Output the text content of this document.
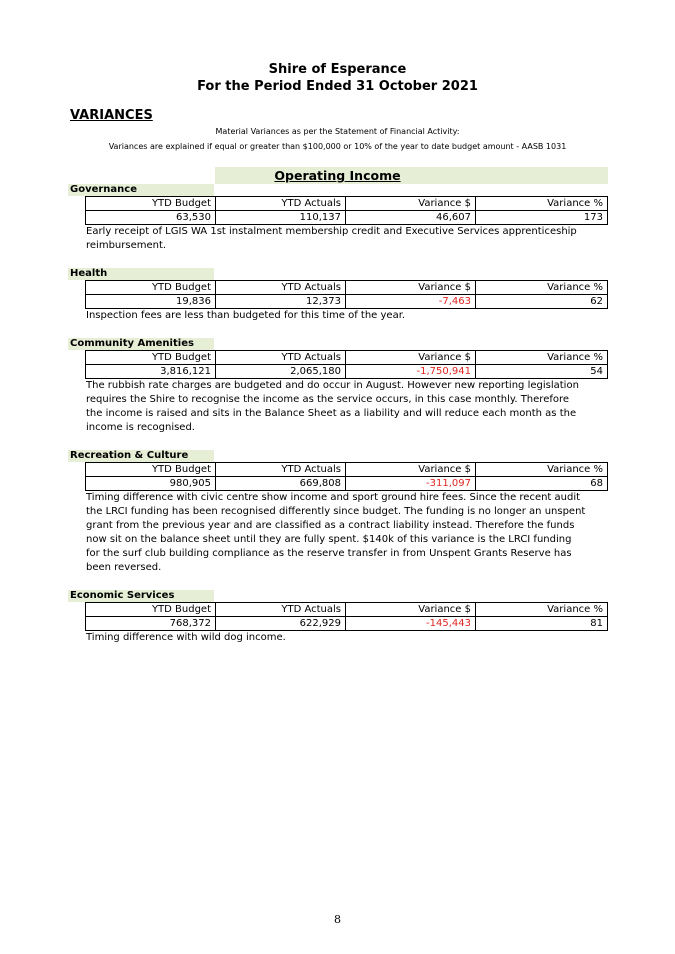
Shire of Esperance
For the Period Ended 31 October 2021
VARIANCES
Material Variances as per the Statement of Financial Activity:
Variances are explained if equal or greater than $100,000 or 10% of the year to date budget amount - AASB 1031
Operating Income
Governance
YTD Budget	YTD Actuals	Variance $	Variance %
63,530	110,137	46,607	173
Early receipt of LGIS WA 1st instalment membership credit and Executive Services apprenticeship reimbursement.
Health
YTD Budget	YTD Actuals	Variance $	Variance %
19,836	12,373	-7,463	62
Inspection fees are less than budgeted for this time of the year.
Community Amenities
YTD Budget	YTD Actuals	Variance $	Variance %
3,816,121	2,065,180	-1,750,941	54
The rubbish rate charges are budgeted and do occur in August. However new reporting legislation requires the Shire to recognise the income as the service occurs, in this case monthly. Therefore the income is raised and sits in the Balance Sheet as a liability and will reduce each month as the income is recognised.
Recreation & Culture
YTD Budget	YTD Actuals	Variance $	Variance %
980,905	669,808	-311,097	68
Timing difference with civic centre show income and sport ground hire fees. Since the recent audit the LRCI funding has been recognised differently since budget. The funding is no longer an unspent grant from the previous year and are classified as a contract liability instead. Therefore the funds now sit on the balance sheet until they are fully spent. $140k of this variance is the LRCI funding for the surf club building compliance as the reserve transfer in from Unspent Grants Reserve has been reversed.
Economic Services
YTD Budget	YTD Actuals	Variance $	Variance %
768,372	622,929	-145,443	81
Timing difference with wild dog income.
8
